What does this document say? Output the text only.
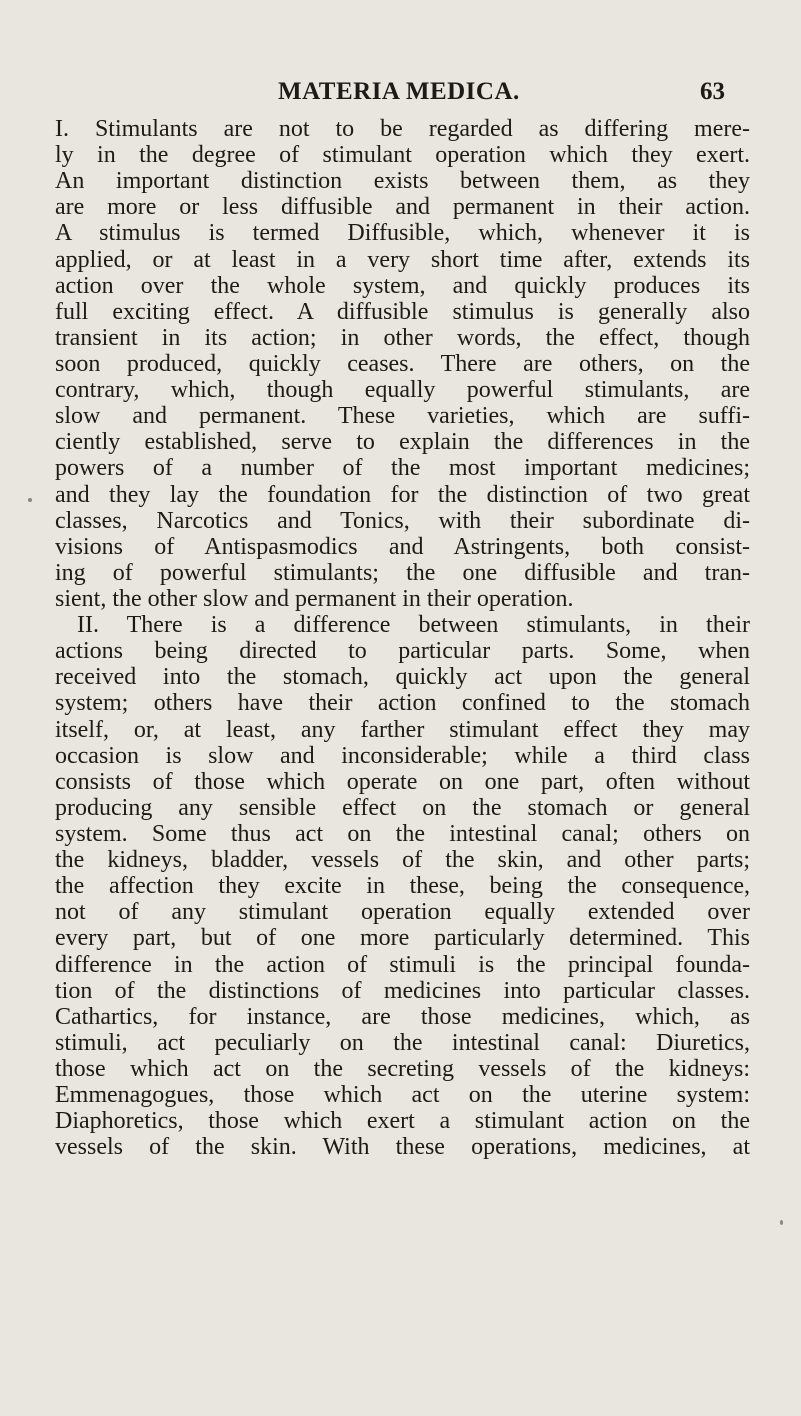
MATERIA MEDICA.	63
I. Stimulants are not to be regarded as differing mere-
ly in the degree of stimulant operation which they exert.
An important distinction exists between them, as they
are more or less diffusible and permanent in their action.
A stimulus is termed Diffusible, which, whenever it is
applied, or at least in a very short time after, extends its
action over the whole system, and quickly produces its
full exciting effect. A diffusible stimulus is generally also
transient in its action; in other words, the effect, though
soon produced, quickly ceases. There are others, on the
contrary, which, though equally powerful stimulants, are
slow and permanent. These varieties, which are suffi-
ciently established, serve to explain the differences in the
powers of a number of the most important medicines;
and they lay the foundation for the distinction of two great
classes, Narcotics and Tonics, with their subordinate di-
visions of Antispasmodics and Astringents, both consist-
ing of powerful stimulants; the one diffusible and tran-
sient, the other slow and permanent in their operation.
II. There is a difference between stimulants, in their
actions being directed to particular parts. Some, when
received into the stomach, quickly act upon the general
system; others have their action confined to the stomach
itself, or, at least, any farther stimulant effect they may
occasion is slow and inconsiderable; while a third class
consists of those which operate on one part, often without
producing any sensible effect on the stomach or general
system. Some thus act on the intestinal canal; others on
the kidneys, bladder, vessels of the skin, and other parts;
the affection they excite in these, being the consequence,
not of any stimulant operation equally extended over
every part, but of one more particularly determined. This
difference in the action of stimuli is the principal founda-
tion of the distinctions of medicines into particular classes.
Cathartics, for instance, are those medicines, which, as
stimuli, act peculiarly on the intestinal canal: Diuretics,
those which act on the secreting vessels of the kidneys:
Emmenagogues, those which act on the uterine system:
Diaphoretics, those which exert a stimulant action on the
vessels of the skin. With these operations, medicines, at
